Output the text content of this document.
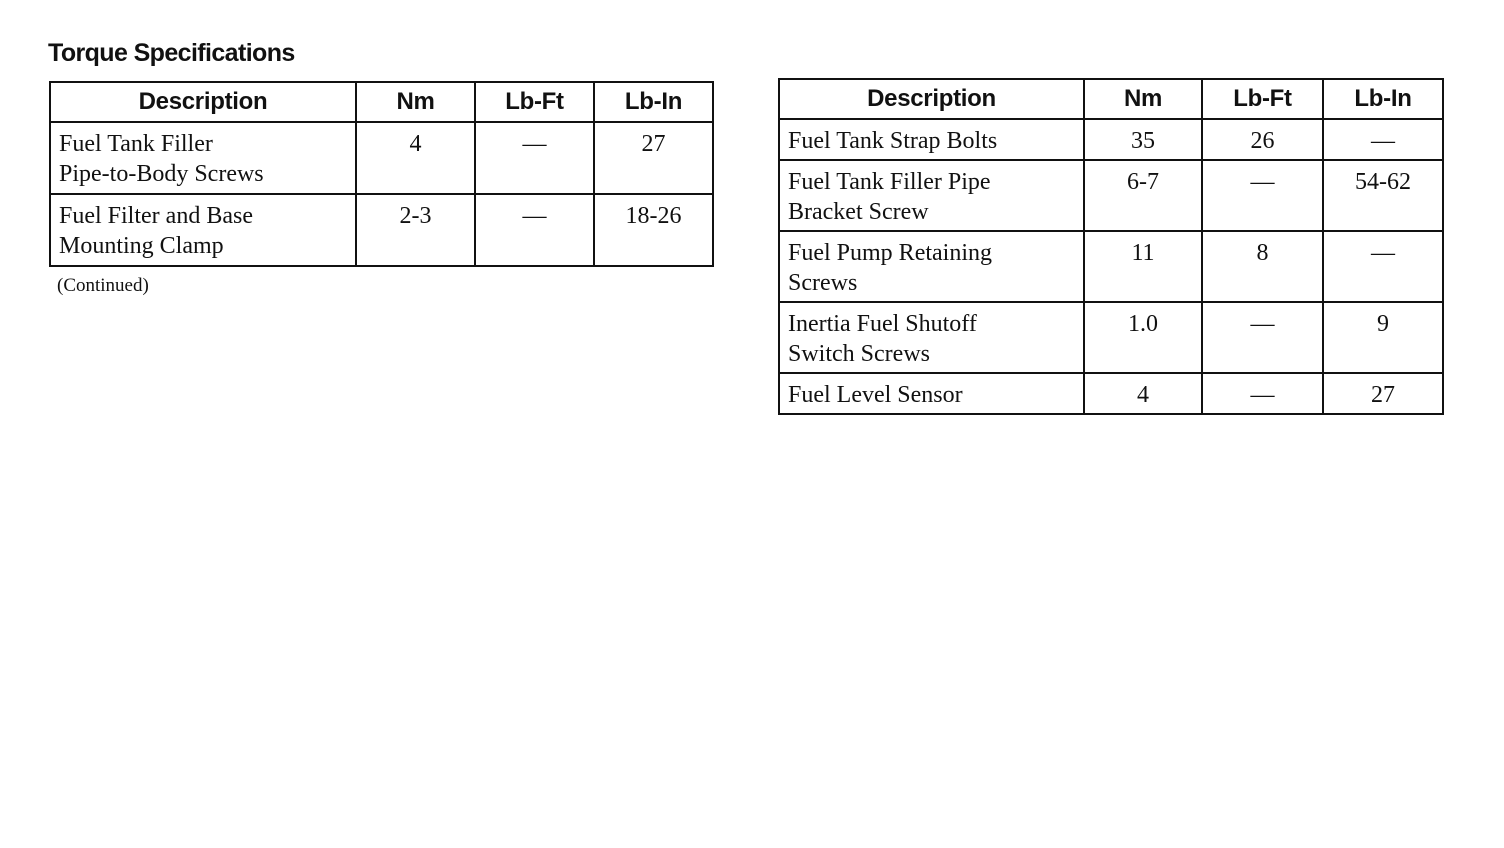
Torque Specifications
Description	Nm	Lb-Ft	Lb-In
Fuel Tank Filler
Pipe-to-Body Screws	4	—	27
Fuel Filter and Base
Mounting Clamp	2-3	—	18-26

(Continued)

Description	Nm	Lb-Ft	Lb-In
Fuel Tank Strap Bolts	35	26	—
Fuel Tank Filler Pipe
Bracket Screw	6-7	—	54-62
Fuel Pump Retaining
Screws	11	8	—
Inertia Fuel Shutoff
Switch Screws	1.0	—	9
Fuel Level Sensor	4	—	27
